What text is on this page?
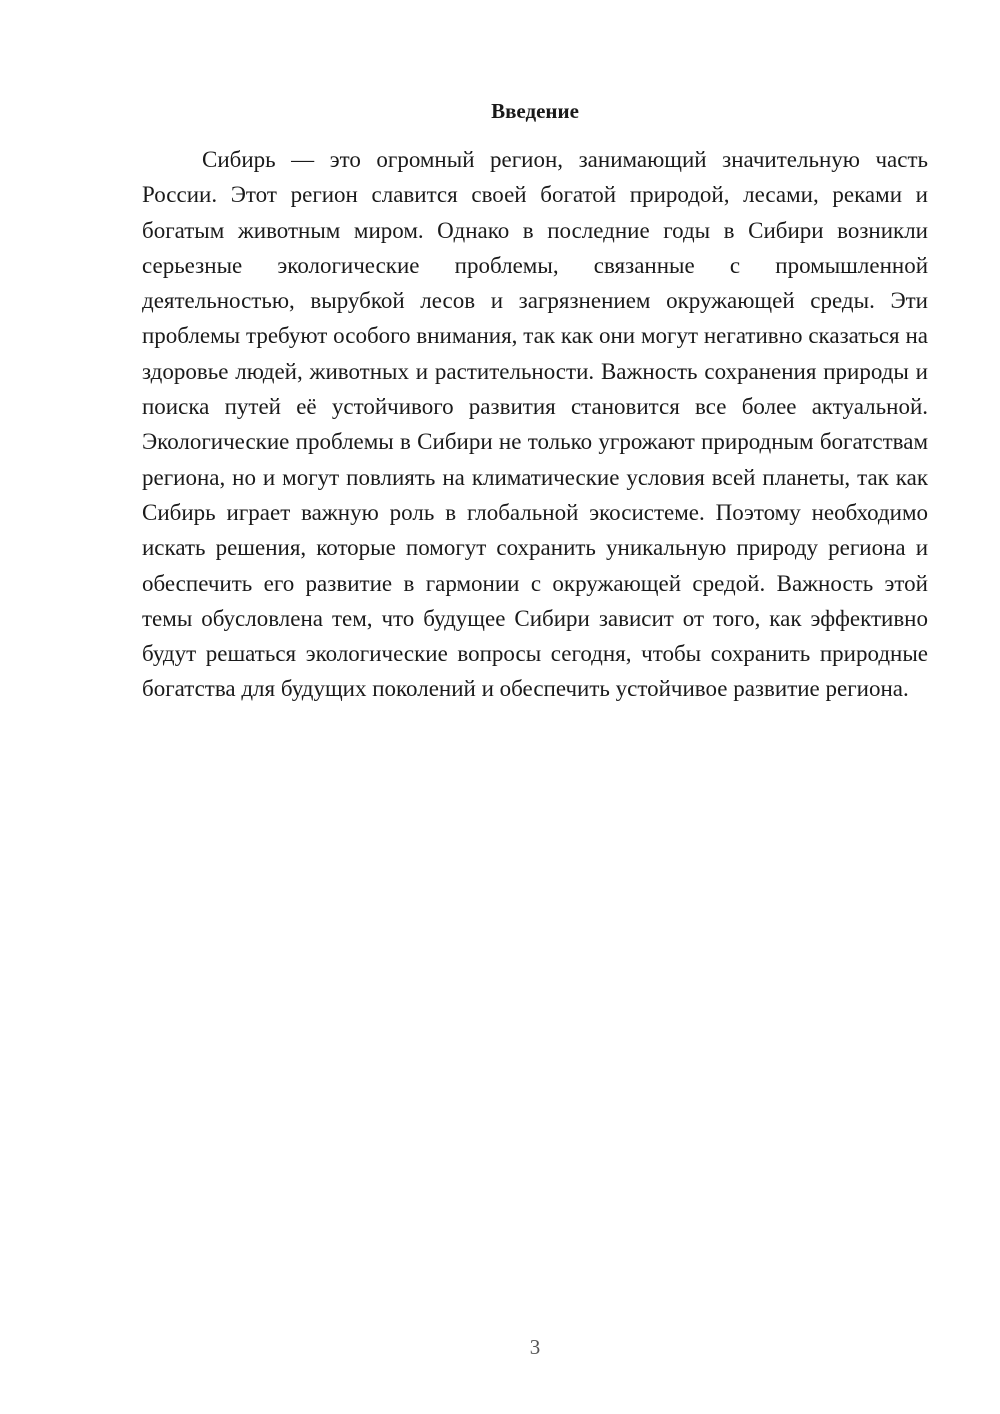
Введение

Сибирь — это огромный регион, занимающий значительную часть России. Этот регион славится своей богатой природой, лесами, реками и богатым животным миром. Однако в последние годы в Сибири возникли серьезные экологические проблемы, связанные с промышленной деятельностью, вырубкой лесов и загрязнением окружающей среды. Эти проблемы требуют особого внимания, так как они могут негативно сказаться на здоровье людей, животных и растительности. Важность сохранения природы и поиска путей её устойчивого развития становится все более актуальной. Экологические проблемы в Сибири не только угрожают природным богатствам региона, но и могут повлиять на климатические условия всей планеты, так как Сибирь играет важную роль в глобальной экосистеме. Поэтому необходимо искать решения, которые помогут сохранить уникальную природу региона и обеспечить его развитие в гармонии с окружающей средой. Важность этой темы обусловлена тем, что будущее Сибири зависит от того, как эффективно будут решаться экологические вопросы сегодня, чтобы сохранить природные богатства для будущих поколений и обеспечить устойчивое развитие региона.

3
